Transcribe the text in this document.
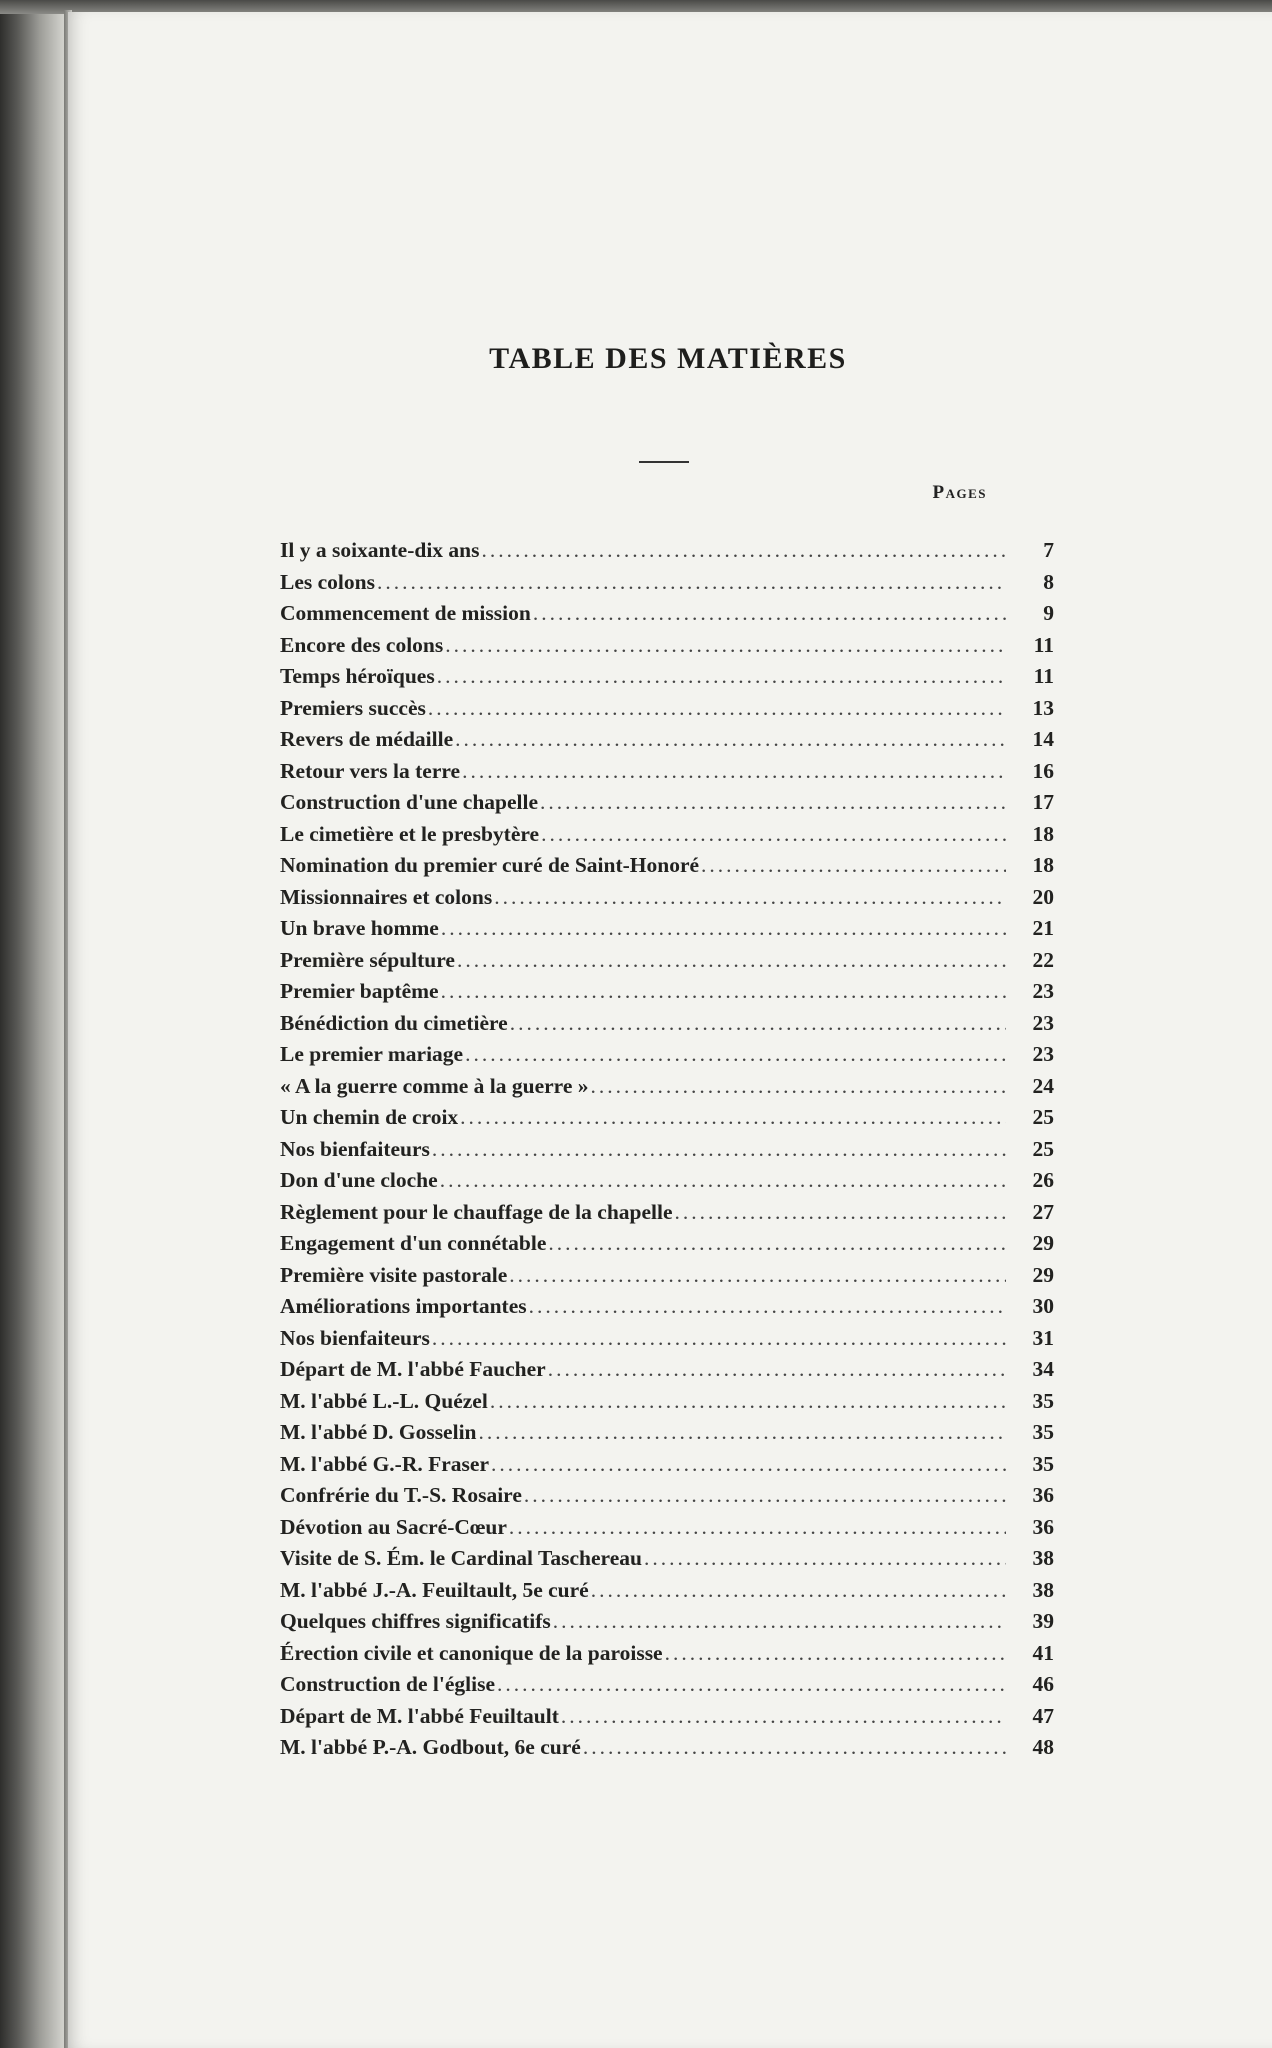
TABLE DES MATIÈRES
Pages
Il y a soixante-dix ans .....	7
Les colons .....	8
Commencement de mission .....	9
Encore des colons .....	11
Temps héroïques .....	11
Premiers succès .....	13
Revers de médaille .....	14
Retour vers la terre .....	16
Construction d'une chapelle .....	17
Le cimetière et le presbytère .....	18
Nomination du premier curé de Saint-Honoré .....	18
Missionnaires et colons .....	20
Un brave homme .....	21
Première sépulture .....	22
Premier baptême .....	23
Bénédiction du cimetière .....	23
Le premier mariage .....	23
« A la guerre comme à la guerre » .....	24
Un chemin de croix .....	25
Nos bienfaiteurs .....	25
Don d'une cloche .....	26
Règlement pour le chauffage de la chapelle .....	27
Engagement d'un connétable .....	29
Première visite pastorale .....	29
Améliorations importantes .....	30
Nos bienfaiteurs .....	31
Départ de M. l'abbé Faucher .....	34
M. l'abbé L.-L. Quézel .....	35
M. l'abbé D. Gosselin .....	35
M. l'abbé G.-R. Fraser .....	35
Confrérie du T.-S. Rosaire .....	36
Dévotion au Sacré-Cœur .....	36
Visite de S. Ém. le Cardinal Taschereau .....	38
M. l'abbé J.-A. Feuiltault, 5e curé .....	38
Quelques chiffres significatifs .....	39
Érection civile et canonique de la paroisse .....	41
Construction de l'église .....	46
Départ de M. l'abbé Feuiltault .....	47
M. l'abbé P.-A. Godbout, 6e curé .....	48
